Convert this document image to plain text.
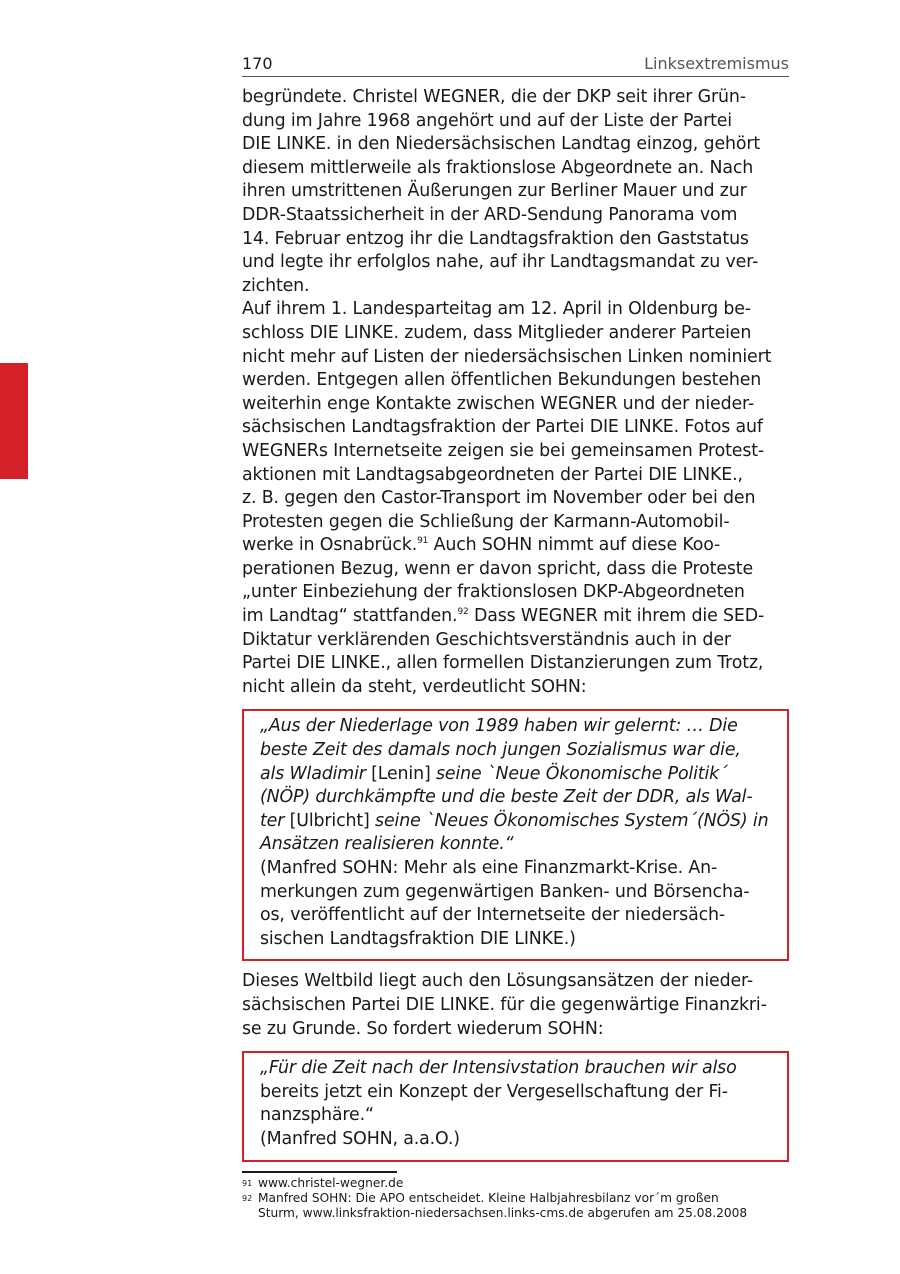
170	Linksextremismus

begründete. Christel WEGNER, die der DKP seit ihrer Grün-
dung im Jahre 1968 angehört und auf der Liste der Partei
DIE LINKE. in den Niedersächsischen Landtag einzog, gehört
diesem mittlerweile als fraktionslose Abgeordnete an. Nach
ihren umstrittenen Äußerungen zur Berliner Mauer und zur
DDR-Staatssicherheit in der ARD-Sendung Panorama vom
14. Februar entzog ihr die Landtagsfraktion den Gaststatus
und legte ihr erfolglos nahe, auf ihr Landtagsmandat zu ver-
zichten.

Auf ihrem 1. Landesparteitag am 12. April in Oldenburg be-
schloss DIE LINKE. zudem, dass Mitglieder anderer Parteien
nicht mehr auf Listen der niedersächsischen Linken nominiert
werden. Entgegen allen öffentlichen Bekundungen bestehen
weiterhin enge Kontakte zwischen WEGNER und der nieder-
sächsischen Landtagsfraktion der Partei DIE LINKE. Fotos auf
WEGNERs Internetseite zeigen sie bei gemeinsamen Protest-
aktionen mit Landtagsabgeordneten der Partei DIE LINKE.,
z. B. gegen den Castor-Transport im November oder bei den
Protesten gegen die Schließung der Karmann-Automobil-
werke in Osnabrück.$^{91}$ Auch SOHN nimmt auf diese Koo-
perationen Bezug, wenn er davon spricht, dass die Proteste
„unter Einbeziehung der fraktionslosen DKP-Abgeordneten
im Landtag“ stattfanden.$^{92}$ Dass WEGNER mit ihrem die SED-
Diktatur verklärenden Geschichtsverständnis auch in der
Partei DIE LINKE., allen formellen Distanzierungen zum Trotz,
nicht allein da steht, verdeutlicht SOHN:

„Aus der Niederlage von 1989 haben wir gelernt: … Die
beste Zeit des damals noch jungen Sozialismus war die,
als Wladimir [Lenin] seine `Neue Ökonomische Politik´
(NÖP) durchkämpfte und die beste Zeit der DDR, als Wal-
ter [Ulbricht] seine `Neues Ökonomisches System´(NÖS) in
Ansätzen realisieren konnte.“

(Manfred SOHN: Mehr als eine Finanzmarkt-Krise. An-
merkungen zum gegenwärtigen Banken- und Börsencha-
os, veröffentlicht auf der Internetseite der niedersäch-
sischen Landtagsfraktion DIE LINKE.)

Dieses Weltbild liegt auch den Lösungsansätzen der nieder-
sächsischen Partei DIE LINKE. für die gegenwärtige Finanzkri-
se zu Grunde. So fordert wiederum SOHN:

„Für die Zeit nach der Intensivstation brauchen wir also
bereits jetzt ein Konzept der Vergesellschaftung der Fi-
nanzsphäre.“

(Manfred SOHN, a.a.O.)

91 www.christel-wegner.de

92 Manfred SOHN: Die APO entscheidet. Kleine Halbjahresbilanz vor´m großen
Sturm, www.linksfraktion-niedersachsen.links-cms.de abgerufen am 25.08.2008
